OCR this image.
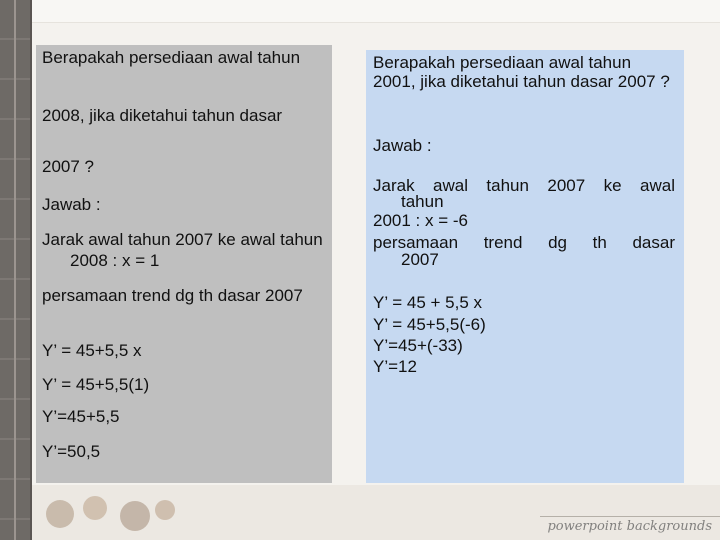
powerpoint backgrounds
Berapakah persediaan awal tahun
2008, jika diketahui tahun dasar
2007 ?
Jawab :
Jarak awal tahun 2007 ke awal tahun 2008 : x = 1
persamaan trend dg th dasar 2007
Y’ = 45+5,5 x
Y’ = 45+5,5(1)
Y’=45+5,5
Y’=50,5
Berapakah persediaan awal tahun 2001, jika diketahui tahun dasar 2007 ?
Jawab :
Jarak awal tahun 2007 ke awal
tahun
2001 : x = -6
persamaan trend dg th dasar
2007
Y’ = 45 + 5,5 x
Y’ = 45+5,5(-6)
Y’=45+(-33)
Y’=12
